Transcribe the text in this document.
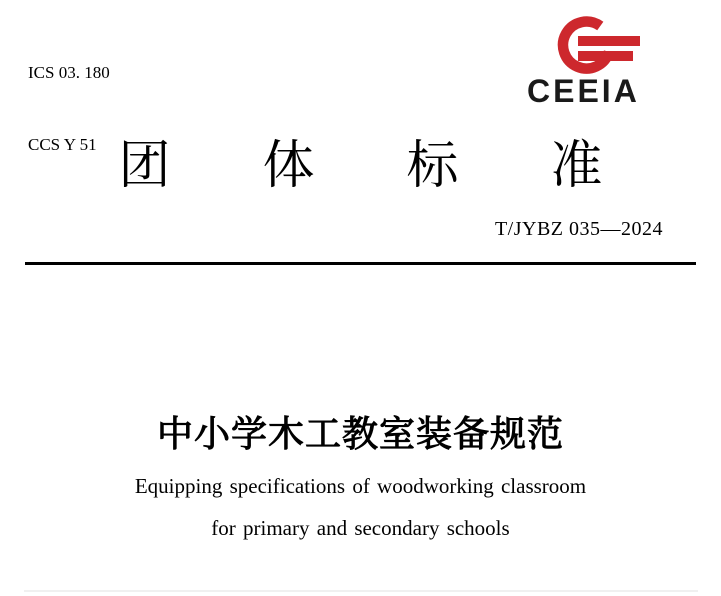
ICS 03. 180

CCS Y 51

CEEIA
团 体 标 准
T/JYBZ 035—2024
中小学木工教室装备规范
Equipping specifications of woodworking classroom
for primary and secondary schools
